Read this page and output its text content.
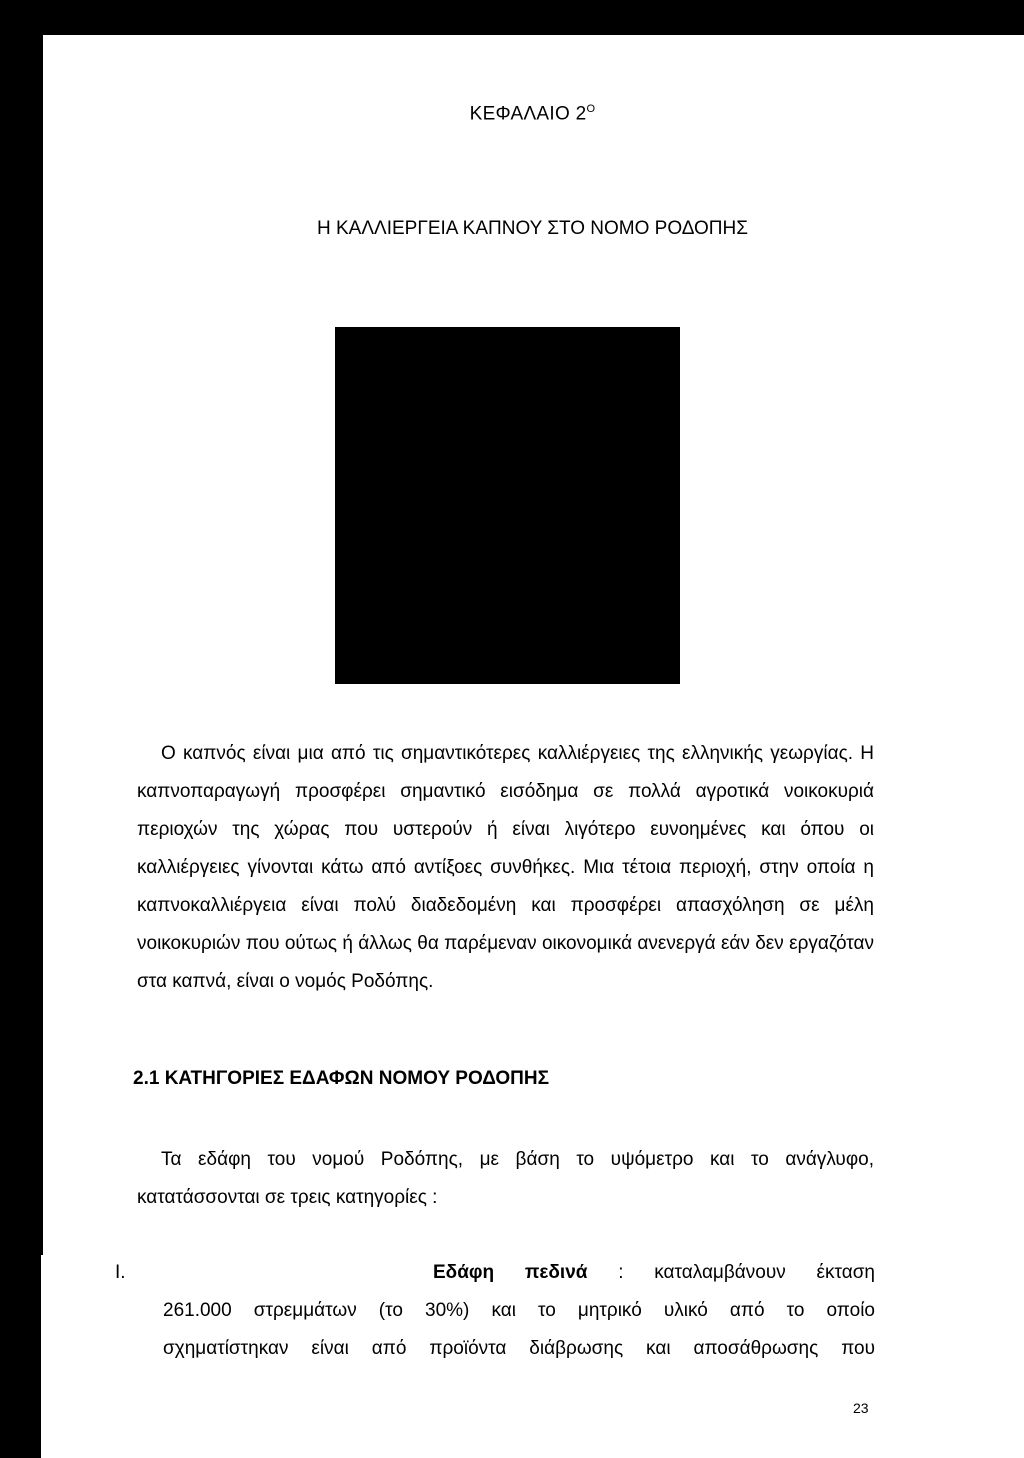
ΚΕΦΑΛΑΙΟ $2^O$
Η ΚΑΛΛΙΕΡΓΕΙΑ ΚΑΠΝΟΥ ΣΤΟ ΝΟΜΟ ΡΟΔΟΠΗΣ
Ο καπνός είναι μια από τις σημαντικότερες καλλιέργειες της ελληνικής γεωργίας. Η καπνοπαραγωγή προσφέρει σημαντικό εισόδημα σε πολλά αγροτικά νοικοκυριά περιοχών της χώρας που υστερούν ή είναι λιγότερο ευνοημένες και όπου οι καλλιέργειες γίνονται κάτω από αντίξοες συνθήκες. Μια τέτοια περιοχή, στην οποία η καπνοκαλλιέργεια είναι πολύ διαδεδομένη και προσφέρει απασχόληση σε μέλη νοικοκυριών που ούτως ή άλλως θα παρέμεναν οικονομικά ανενεργά εάν δεν εργαζόταν στα καπνά, είναι ο νομός Ροδόπης.
2.1 ΚΑΤΗΓΟΡΙΕΣ ΕΔΑΦΩΝ ΝΟΜΟΥ ΡΟΔΟΠΗΣ
Τα εδάφη του νομού Ροδόπης, με βάση το υψόμετρο και το ανάγλυφο, κατατάσσονται σε τρεις κατηγορίες :
Ι.	Εδάφη πεδινά : καταλαμβάνουν έκταση
261.000 στρεμμάτων (το 30%) και το μητρικό υλικό από το οποίο
σχηματίστηκαν είναι από προϊόντα διάβρωσης και αποσάθρωσης που
23
